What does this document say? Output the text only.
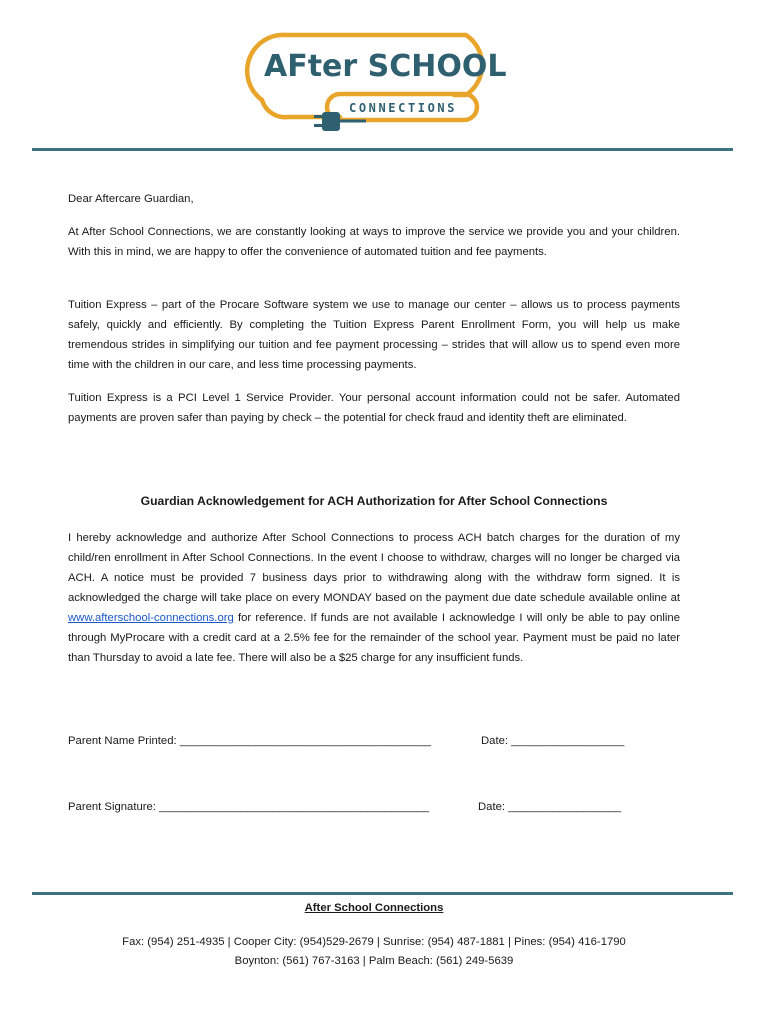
AFter SCHOOL
CONNECTIONS
Dear Aftercare Guardian,

At After School Connections, we are constantly looking at ways to improve the service we provide you and your children. With this in mind, we are happy to offer the convenience of automated tuition and fee payments.

Tuition Express – part of the Procare Software system we use to manage our center – allows us to process payments safely, quickly and efficiently. By completing the Tuition Express Parent Enrollment Form, you will help us make tremendous strides in simplifying our tuition and fee payment processing – strides that will allow us to spend even more time with the children in our care, and less time processing payments.

Tuition Express is a PCI Level 1 Service Provider. Your personal account information could not be safer. Automated payments are proven safer than paying by check – the potential for check fraud and identity theft are eliminated.

Guardian Acknowledgement for ACH Authorization for After School Connections

I hereby acknowledge and authorize After School Connections to process ACH batch charges for the duration of my child/ren enrollment in After School Connections. In the event I choose to withdraw, charges will no longer be charged via ACH. A notice must be provided 7 business days prior to withdrawing along with the withdraw form signed. It is acknowledged the charge will take place on every MONDAY based on the payment due date schedule available online at www.afterschool-connections.org for reference. If funds are not available I acknowledge I will only be able to pay online through MyProcare with a credit card at a 2.5% fee for the remainder of the school year. Payment must be paid no later than Thursday to avoid a late fee. There will also be a $25 charge for any insufficient funds.

Parent Name Printed: ________________________________________	Date: __________________
Parent Signature: ___________________________________________	Date: __________________
After School Connections
Fax: (954) 251-4935 | Cooper City: (954)529-2679 | Sunrise: (954) 487-1881 | Pines: (954) 416-1790
Boynton: (561) 767-3163 | Palm Beach: (561) 249-5639
